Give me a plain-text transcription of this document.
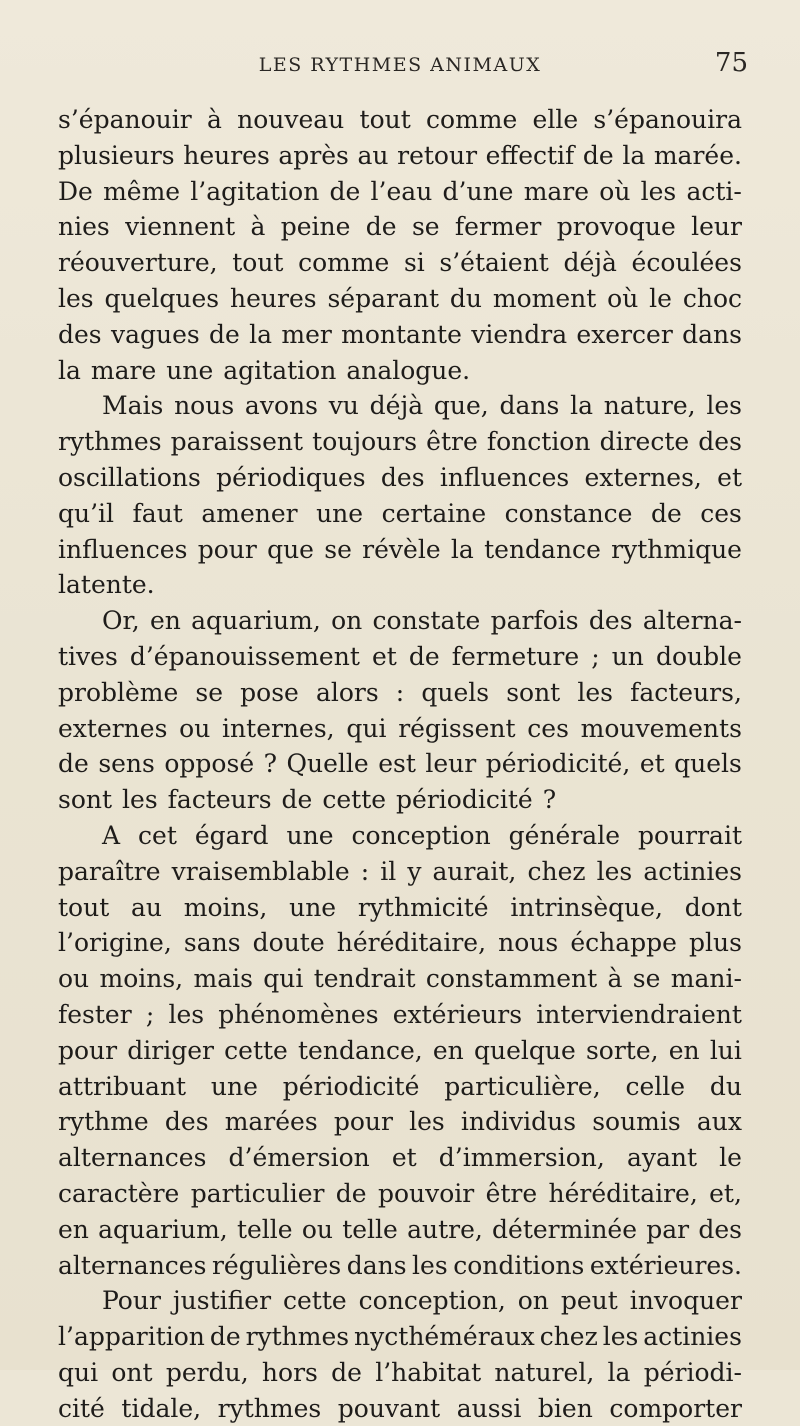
LES RYTHMES ANIMAUX	75
s’épanouir à nouveau tout comme elle s’épanouira
plusieurs heures après au retour effectif de la marée.
De même l’agitation de l’eau d’une mare où les acti-
nies viennent à peine de se fermer provoque leur
réouverture, tout comme si s’étaient déjà écoulées
les quelques heures séparant du moment où le choc
des vagues de la mer montante viendra exercer dans
la mare une agitation analogue.
Mais nous avons vu déjà que, dans la nature, les
rythmes paraissent toujours être fonction directe des
oscillations périodiques des influences externes, et
qu’il faut amener une certaine constance de ces
influences pour que se révèle la tendance rythmique
latente.
Or, en aquarium, on constate parfois des alterna-
tives d’épanouissement et de fermeture ; un double
problème se pose alors : quels sont les facteurs,
externes ou internes, qui régissent ces mouvements
de sens opposé ? Quelle est leur périodicité, et quels
sont les facteurs de cette périodicité ?
A cet égard une conception générale pourrait
paraître vraisemblable : il y aurait, chez les actinies
tout au moins, une rythmicité intrinsèque, dont
l’origine, sans doute héréditaire, nous échappe plus
ou moins, mais qui tendrait constamment à se mani-
fester ; les phénomènes extérieurs interviendraient
pour diriger cette tendance, en quelque sorte, en lui
attribuant une périodicité particulière, celle du
rythme des marées pour les individus soumis aux
alternances d’émersion et d’immersion, ayant le
caractère particulier de pouvoir être héréditaire, et,
en aquarium, telle ou telle autre, déterminée par des
alternances régulières dans les conditions extérieures.
Pour justifier cette conception, on peut invoquer
l’apparition de rythmes nycthéméraux chez les actinies
qui ont perdu, hors de l’habitat naturel, la périodi-
cité tidale, rythmes pouvant aussi bien comporter
